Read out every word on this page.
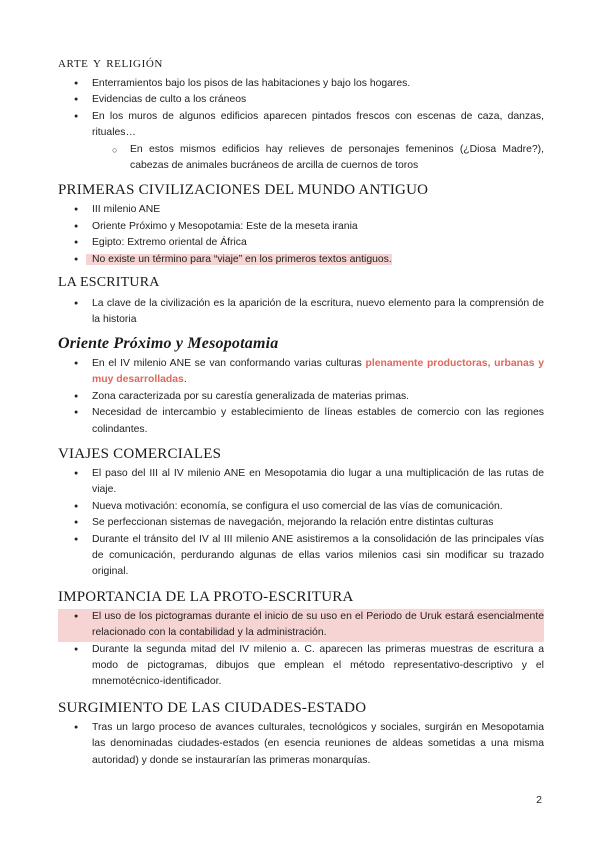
arte y religión
● Enterramientos bajo los pisos de las habitaciones y bajo los hogares.
● Evidencias de culto a los cráneos
● En los muros de algunos edificios aparecen pintados frescos con escenas de caza, danzas, rituales…
○ En estos mismos edificios hay relieves de personajes femeninos (¿Diosa Madre?), cabezas de animales bucráneos de arcilla de cuernos de toros
PRIMERAS CIVILIZACIONES DEL MUNDO ANTIGUO
● III milenio ANE
● Oriente Próximo y Mesopotamia: Este de la meseta irania
● Egipto: Extremo oriental de África
● No existe un término para “viaje” en los primeros textos antiguos.
LA ESCRITURA
● La clave de la civilización es la aparición de la escritura, nuevo elemento para la comprensión de la historia
Oriente Próximo y Mesopotamia
● En el IV milenio ANE se van conformando varias culturas plenamente productoras, urbanas y muy desarrolladas.
● Zona caracterizada por su carestía generalizada de materias primas.
● Necesidad de intercambio y establecimiento de líneas estables de comercio con las regiones colindantes.
VIAJES COMERCIALES
● El paso del III al IV milenio ANE en Mesopotamia dio lugar a una multiplicación de las rutas de viaje.
● Nueva motivación: economía, se configura el uso comercial de las vías de comunicación.
● Se perfeccionan sistemas de navegación, mejorando la relación entre distintas culturas
● Durante el tránsito del IV al III milenio ANE asistiremos a la consolidación de las principales vías de comunicación, perdurando algunas de ellas varios milenios casi sin modificar su trazado original.
IMPORTANCIA DE LA PROTO-ESCRITURA
● El uso de los pictogramas durante el inicio de su uso en el Periodo de Uruk estará esencialmente relacionado con la contabilidad y la administración.
● Durante la segunda mitad del IV milenio a. C. aparecen las primeras muestras de escritura a modo de pictogramas, dibujos que emplean el método representativo-descriptivo y el mnemotécnico-identificador.
SURGIMIENTO DE LAS CIUDADES-ESTADO
● Tras un largo proceso de avances culturales, tecnológicos y sociales, surgirán en Mesopotamia las denominadas ciudades-estados (en esencia reuniones de aldeas sometidas a una misma autoridad) y donde se instaurarían las primeras monarquías.
2
